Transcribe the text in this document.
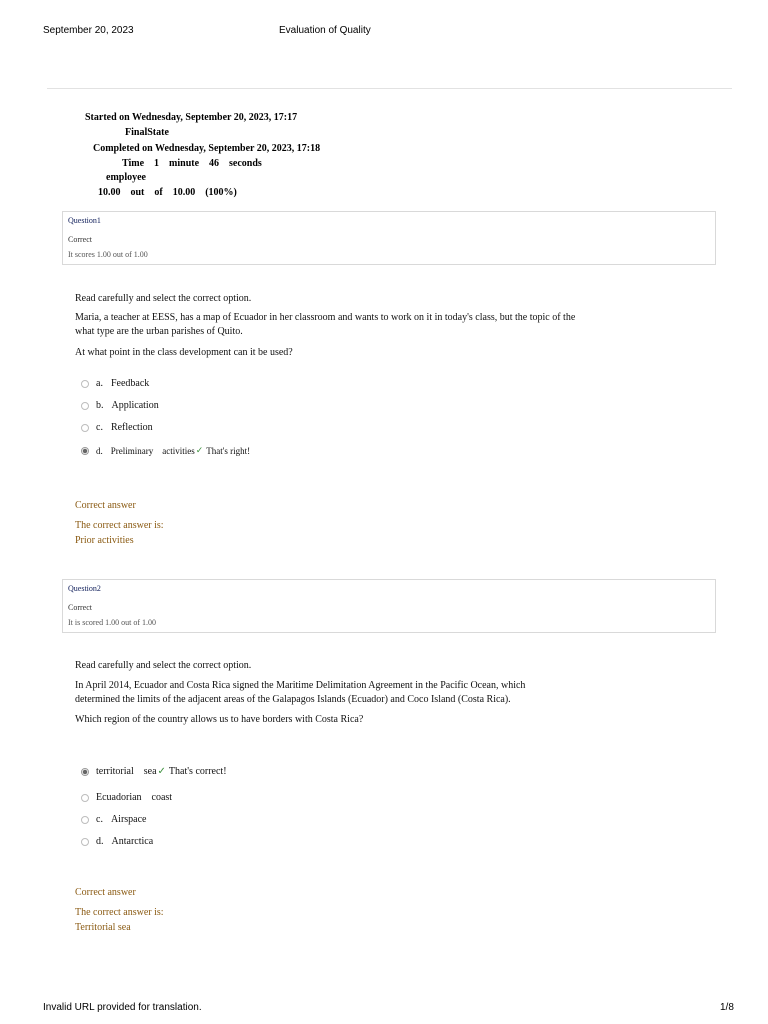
September 20, 2023	Evaluation of Quality
Started on Wednesday, September 20, 2023, 17:17
FinalState
Completed on Wednesday, September 20, 2023, 17:18
Time    1    minute    46    seconds
employee
10.00    out    of    10.00    (100%)
Question1
Correct
It scores 1.00 out of 1.00
Read carefully and select the correct option.
Maria, a teacher at EESS, has a map of Ecuador in her classroom and wants to work on it in today's class, but the topic of the
what type are the urban parishes of Quito.
At what point in the class development can it be used?
a. Feedback
b. Application
c. Reflection
d. Preliminary    activities ✓ That's right!
Correct answer
The correct answer is:
Prior activities
Question2
Correct
It is scored 1.00 out of 1.00
Read carefully and select the correct option.
In April 2014, Ecuador and Costa Rica signed the Maritime Delimitation Agreement in the Pacific Ocean, which
determined the limits of the adjacent areas of the Galapagos Islands (Ecuador) and Coco Island (Costa Rica).
Which region of the country allows us to have borders with Costa Rica?
territorial    sea ✓ That's correct!
Ecuadorian    coast
c. Airspace
d. Antarctica
Correct answer
The correct answer is:
Territorial sea
Invalid URL provided for translation.	1/8
